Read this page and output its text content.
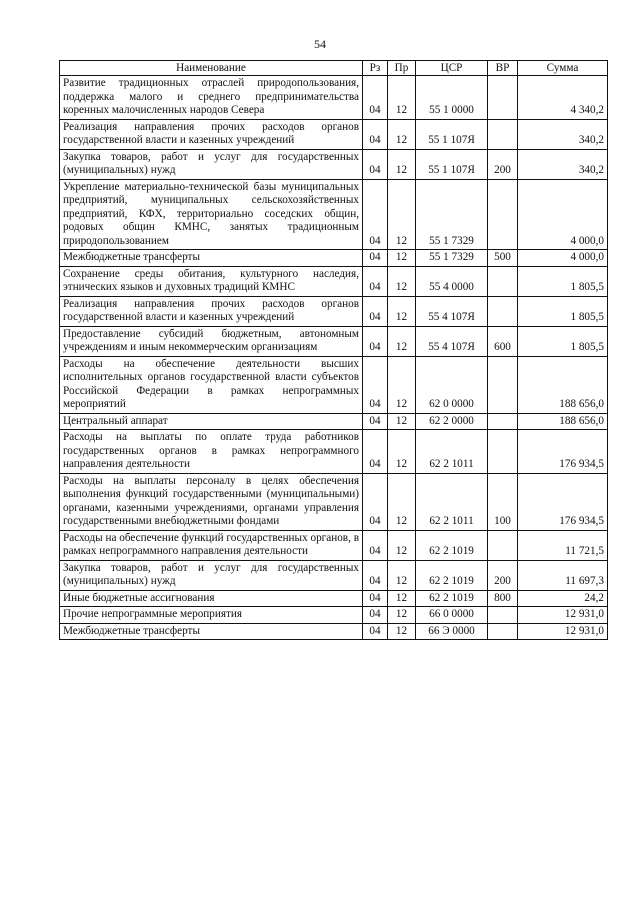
54
Наименование	Рз	Пр	ЦСР	ВР	Сумма

Развитие традиционных отраслей природопользования, поддержка малого и среднего предпринимательства коренных малочисленных народов Севера	04	12	55 1 0000		4 340,2

Реализация направления прочих расходов органов государственной власти и казенных учреждений	04	12	55 1 107Я		340,2

Закупка товаров, работ и услуг для государственных (муниципальных) нужд	04	12	55 1 107Я	200	340,2

Укрепление материально-технической базы муниципальных предприятий, муниципальных сельскохозяйственных предприятий, КФХ, территориально соседских общин, родовых общин КМНС, занятых традиционным природопользованием	04	12	55 1 7329		4 000,0

Межбюджетные трансферты	04	12	55 1 7329	500	4 000,0

Сохранение среды обитания, культурного наследия, этнических языков и духовных традиций КМНС	04	12	55 4 0000		1 805,5

Реализация направления прочих расходов органов государственной власти и казенных учреждений	04	12	55 4 107Я		1 805,5

Предоставление субсидий бюджетным, автономным учреждениям и иным некоммерческим организациям	04	12	55 4 107Я	600	1 805,5

Расходы на обеспечение деятельности высших исполнительных органов государственной власти субъектов Российской Федерации в рамках непрограммных мероприятий	04	12	62 0 0000		188 656,0

Центральный аппарат	04	12	62 2 0000		188 656,0

Расходы на выплаты по оплате труда работников государственных органов в рамках непрограммного направления деятельности	04	12	62 2 1011		176 934,5

Расходы на выплаты персоналу в целях обеспечения выполнения функций государственными (муниципальными) органами, казенными учреждениями, органами управления государственными внебюджетными фондами	04	12	62 2 1011	100	176 934,5

Расходы на обеспечение функций государственных органов, в рамках непрограммного направления деятельности	04	12	62 2 1019		11 721,5

Закупка товаров, работ и услуг для государственных (муниципальных) нужд	04	12	62 2 1019	200	11 697,3

Иные бюджетные ассигнования	04	12	62 2 1019	800	24,2

Прочие непрограммные мероприятия	04	12	66 0 0000		12 931,0

Межбюджетные трансферты	04	12	66 Э 0000		12 931,0
